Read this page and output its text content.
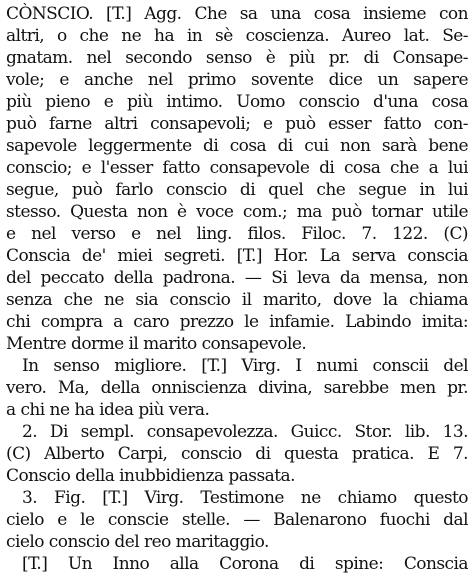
CÒNSCIO. [T.] Agg. Che sa una cosa insieme con
altri, o che ne ha in sè coscienza. Aureo lat. Se-
gnatam. nel secondo senso è più pr. di Consape-
vole; e anche nel primo sovente dice un sapere
più pieno e più intimo. Uomo conscio d'una cosa
può farne altri consapevoli; e può esser fatto con-
sapevole leggermente di cosa di cui non sarà bene
conscio; e l'esser fatto consapevole di cosa che a lui
segue, può farlo conscio di quel che segue in lui
stesso. Questa non è voce com.; ma può tornar utile
e nel verso e nel ling. filos. Filoc. 7. 122. (C)
Conscia de' miei segreti. [T.] Hor. La serva conscia
del peccato della padrona. — Si leva da mensa, non
senza che ne sia conscio il marito, dove la chiama
chi compra a caro prezzo le infamie. Labindo imita:
Mentre dorme il marito consapevole.
In senso migliore. [T.] Virg. I numi conscii del
vero. Ma, della onniscienza divina, sarebbe men pr.
a chi ne ha idea più vera.
2. Di sempl. consapevolezza. Guicc. Stor. lib. 13.
(C) Alberto Carpi, conscio di questa pratica. E 7.
Conscio della inubbidienza passata.
3. Fig. [T.] Virg. Testimone ne chiamo questo
cielo e le conscie stelle. — Balenarono fuochi dal
cielo conscio del reo maritaggio.
[T.] Un Inno alla Corona di spine: Conscia
